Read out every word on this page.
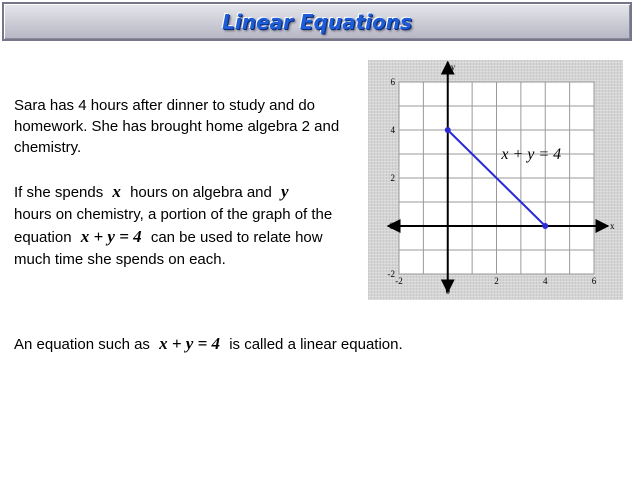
Linear Equations

Sara has 4 hours after dinner to study and do homework. She has brought home algebra 2 and chemistry.

If she spends x hours on algebra and y hours on chemistry, a portion of the graph of the equation x + y = 4 can be used to relate how much time she spends on each.

An equation such as x + y = 4 is called a linear equation.

x
y
-2	2	4	6
-2
2
4
6
0
0
x + y = 4
